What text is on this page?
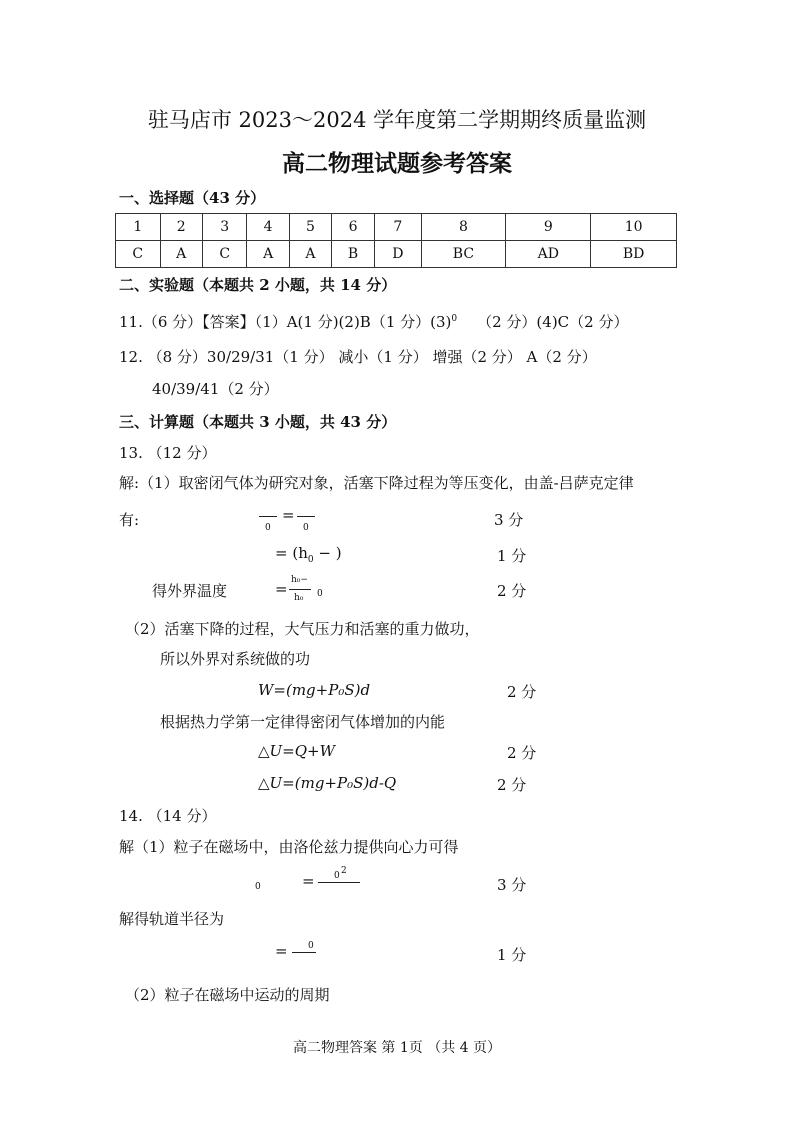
驻马店市 2023～2024 学年度第二学期期终质量监测
高二物理试题参考答案
一、选择题（43 分）
1	2	3	4	5	6	7	8	9	10
C	A	C	A	A	B	D	BC	AD	BD
二、实验题（本题共 2 小题，共 14 分）
11.（6 分）【答案】（1）A(1 分)(2)B（1 分）$(3)^0$ （2 分）(4)C（2 分）
12. （8 分）30/29/31（1 分） 减小（1 分） 增强（2 分） A（2 分）
40/39/41（2 分）
三、计算题（本题共 3 小题，共 43 分）
13. （12 分）
解:（1）取密闭气体为研究对象，活塞下降过程为等压变化，由盖-吕萨克定律
有:	0
=
0	3 分
= ($h_0$ − )	1 分
得外界温度	= h₀−
h₀ 0	2 分
（2）活塞下降的过程，大气压力和活塞的重力做功，
所以外界对系统做的功
W=(mg+P₀S)d	2 分
根据热力学第一定律得密闭气体增加的内能
△U=Q+W	2 分
△U=(mg+P₀S)d-Q	2 分
14. （14 分）
解（1）粒子在磁场中，由洛伦兹力提供向心力可得
0	= 0 2
3 分
解得轨道半径为
= 0	1 分
（2）粒子在磁场中运动的周期
高二物理答案 第 1页 （共 4 页）
